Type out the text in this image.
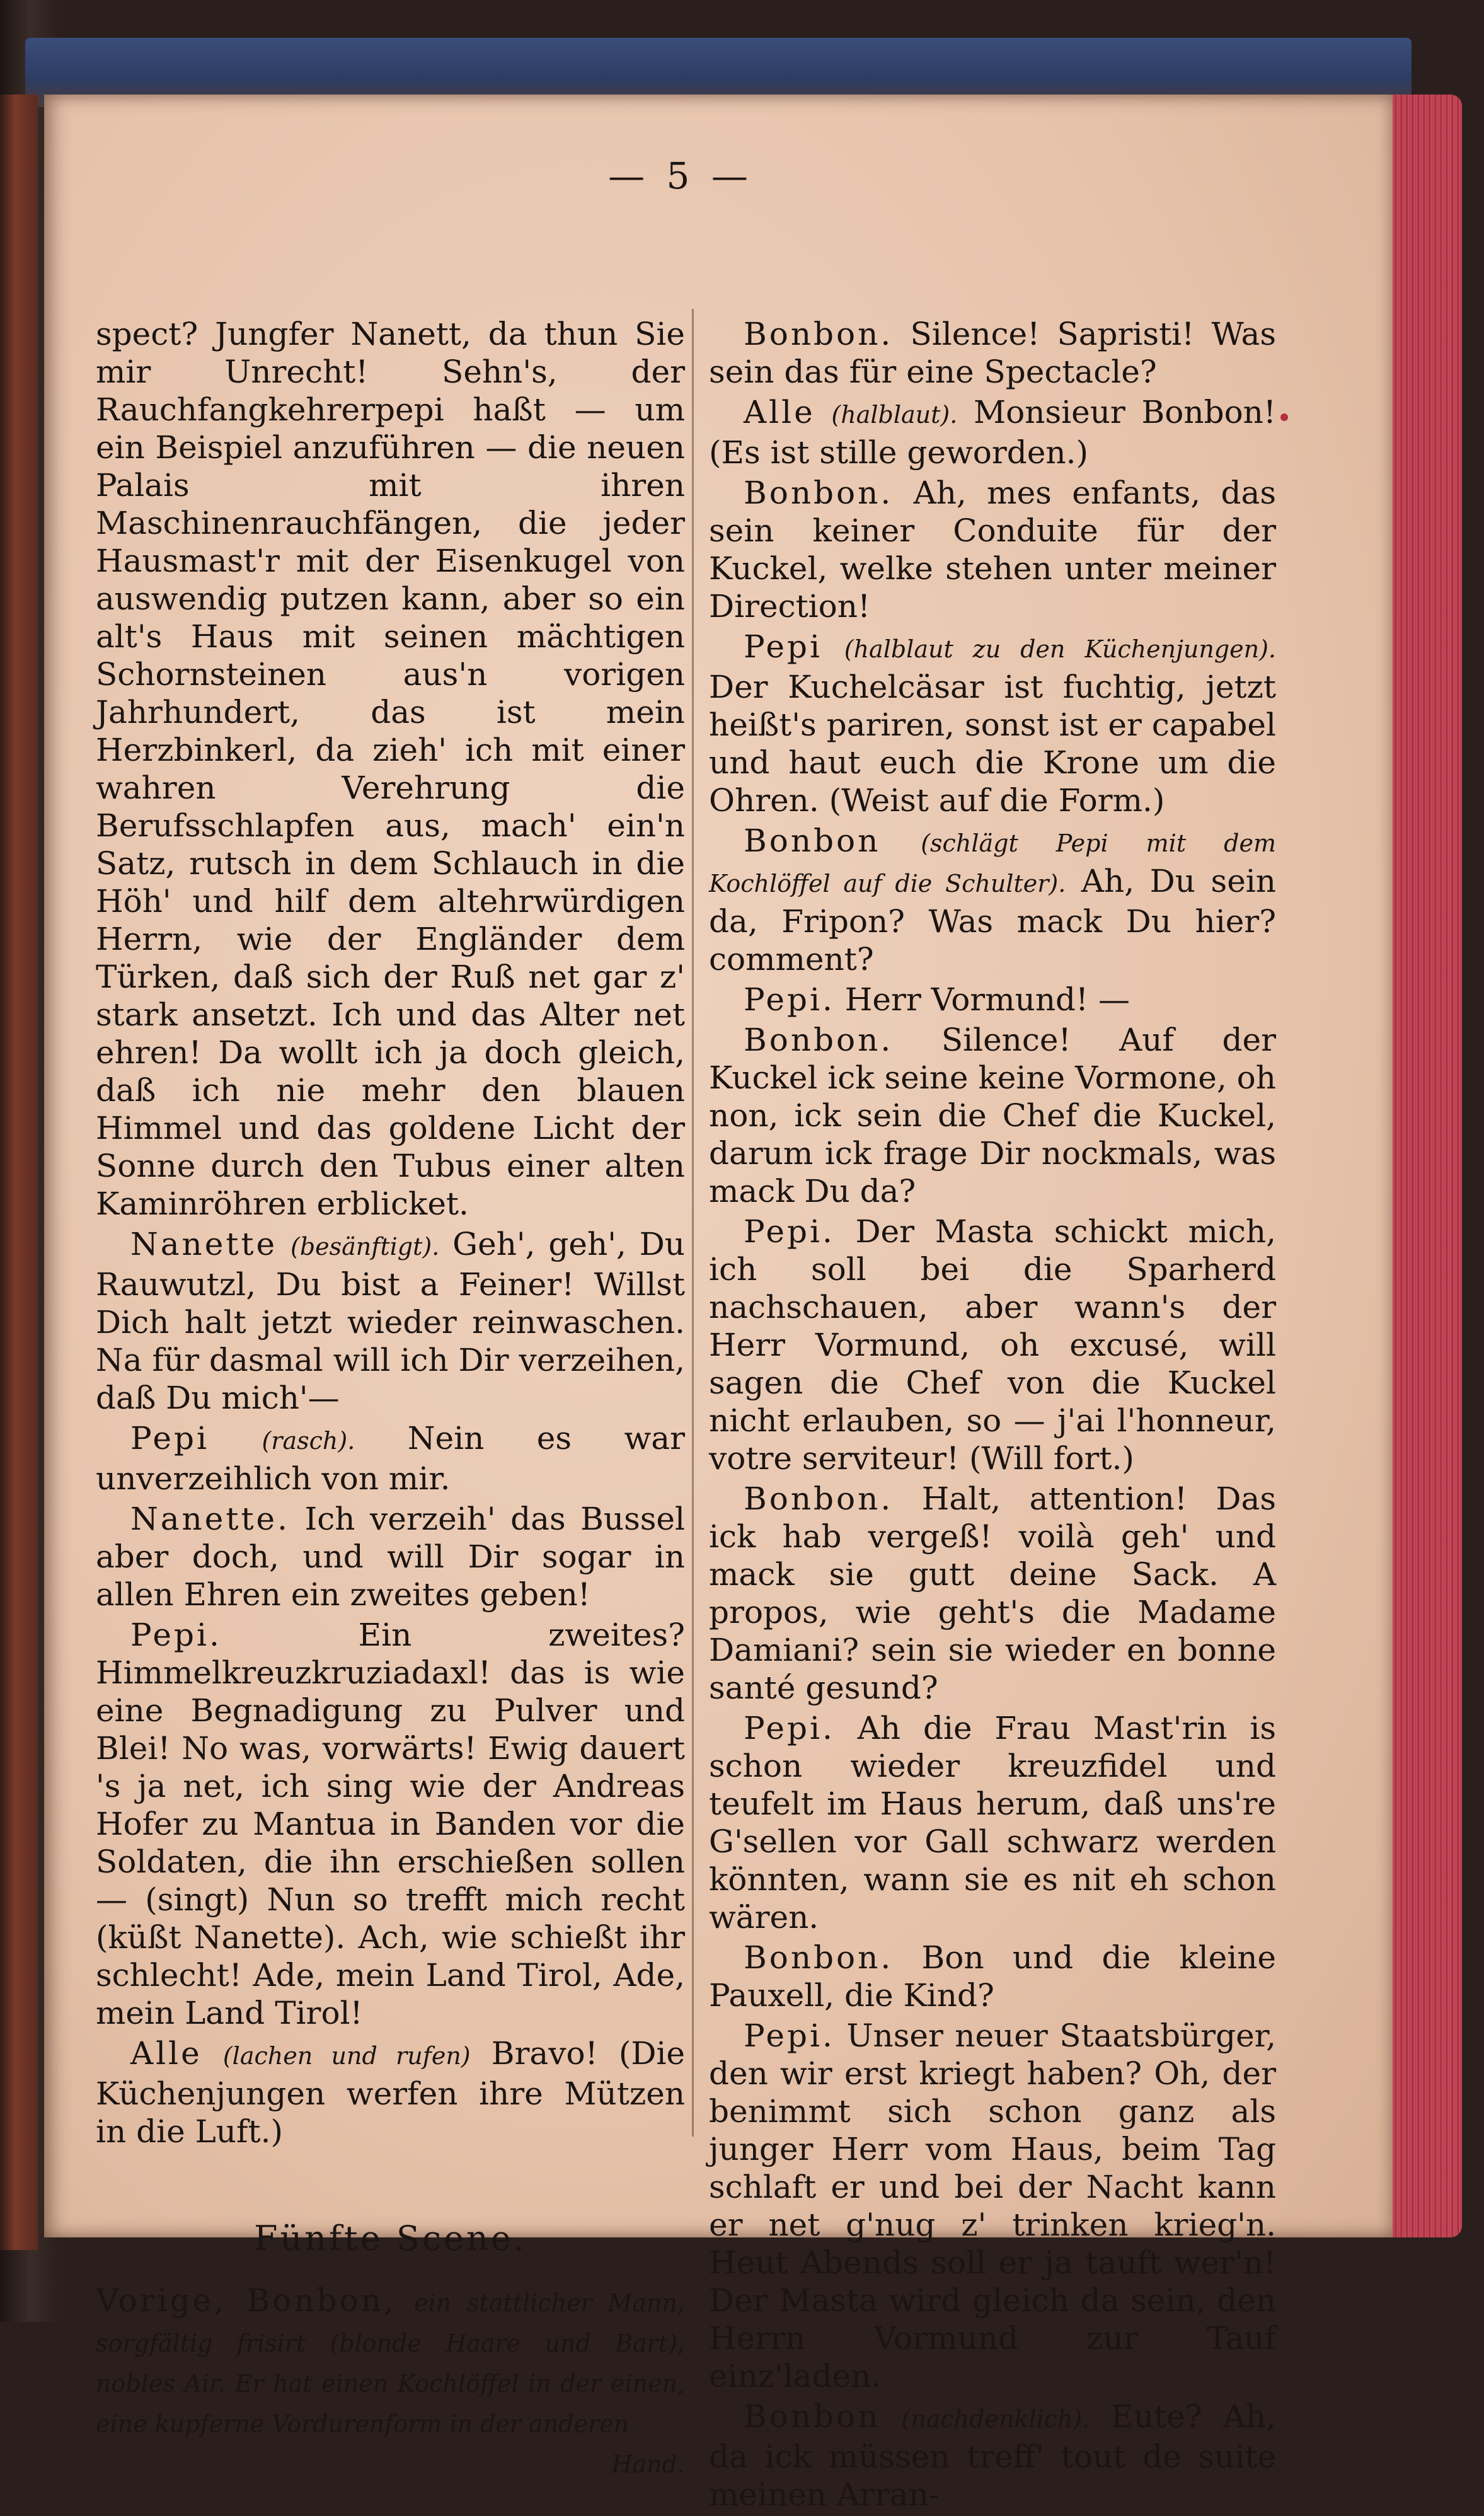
— 5 —

spect? Jungfer Nanett, da thun Sie mir Unrecht! Sehn's, der Rauchfangkehrerpepi haßt — um ein Beispiel anzuführen — die neuen Palais mit ihren Maschinenrauchfängen, die jeder Hausmast'r mit der Eisenkugel von auswendig putzen kann, aber so ein alt's Haus mit seinen mächtigen Schornsteinen aus'n vorigen Jahrhundert, das ist mein Herzbinkerl, da zieh' ich mit einer wahren Verehrung die Berufsschlapfen aus, mach' ein'n Satz, rutsch in dem Schlauch in die Höh' und hilf dem altehrwürdigen Herrn, wie der Engländer dem Türken, daß sich der Ruß net gar z' stark ansetzt. Ich und das Alter net ehren! Da wollt ich ja doch gleich, daß ich nie mehr den blauen Himmel und das goldene Licht der Sonne durch den Tubus einer alten Kaminröhren erblicket.

Nanette (besänftigt). Geh', geh', Du Rauwutzl, Du bist a Feiner! Willst Dich halt jetzt wieder reinwaschen. Na für dasmal will ich Dir verzeihen, daß Du mich'—

Pepi (rasch). Nein es war unverzeihlich von mir.

Nanette. Ich verzeih' das Bussel aber doch, und will Dir sogar in allen Ehren ein zweites geben!

Pepi.	Ein zweites? Himmelkreuzkruziadaxl! das is wie eine Begnadigung zu Pulver und Blei! No was, vorwärts! Ewig dauert 's ja net, ich sing wie der Andreas Hofer zu Mantua in Banden vor die Soldaten, die ihn erschießen sollen — (singt) Nun so trefft mich recht (küßt Nanette). Ach, wie schießt ihr schlecht! Ade, mein Land Tirol, Ade, mein Land Tirol!

Alle (lachen und rufen) Bravo! (Die Küchenjungen werfen ihre Mützen in die Luft.)

Fünfte Scene.

Vorige, Bonbon, ein stattlicher Mann, sorgfältig frisirt (blonde Haare und Bart), nobles Air. Er hat einen Kochlöffel in der einen, eine kupferne Vordurenform in der anderen

Hand.

Bonbon. Silence! Sapristi! Was sein das für eine Spectacle?

Alle (halblaut). Monsieur Bonbon! (Es ist stille geworden.)

Bonbon. Ah, mes enfants, das sein keiner Conduite für der Kuckel, welke stehen unter meiner Direction!

Pepi (halblaut zu den Küchenjungen). Der Kuchelcäsar ist fuchtig, jetzt heißt's pariren, sonst ist er capabel und haut euch die Krone um die Ohren. (Weist auf die Form.)

Bonbon (schlägt Pepi mit dem Kochlöffel auf die Schulter). Ah, Du sein da, Fripon? Was mack Du hier? comment?

Pepi. Herr Vormund! —

Bonbon. Silence! Auf der Kuckel ick seine keine Vormone, oh non, ick sein die Chef die Kuckel, darum ick frage Dir nockmals, was mack Du da?

Pepi. Der Masta schickt mich, ich soll bei die Sparherd nachschauen, aber wann's der Herr Vormund, oh excusé, will sagen die Chef von die Kuckel nicht erlauben, so — j'ai l'honneur, votre serviteur! (Will fort.)

Bonbon. Halt, attention! Das ick hab vergeß! voilà geh' und mack sie gutt deine Sack. A propos, wie geht's die Madame Damiani? sein sie wieder en bonne santé gesund?

Pepi. Ah die Frau Mast'rin is schon wieder kreuzfidel und teufelt im Haus herum, daß uns're G'sellen vor Gall schwarz werden könnten, wann sie es nit eh schon wären.

Bonbon. Bon und die kleine Pauxell, die Kind?

Pepi. Unser neuer Staatsbürger, den wir erst kriegt haben? Oh, der benimmt sich schon ganz als junger Herr vom Haus, beim Tag schlaft er und bei der Nacht kann er net g'nug z' trinken krieg'n. Heut Abends soll er ja tauft wer'n! Der Masta wird gleich da sein, den Herrn Vormund zur Tauf einz'laden.

Bonbon (nachdenklich). Eute? Ah, da ick müssen treff' tout de suite meinen Arran-
